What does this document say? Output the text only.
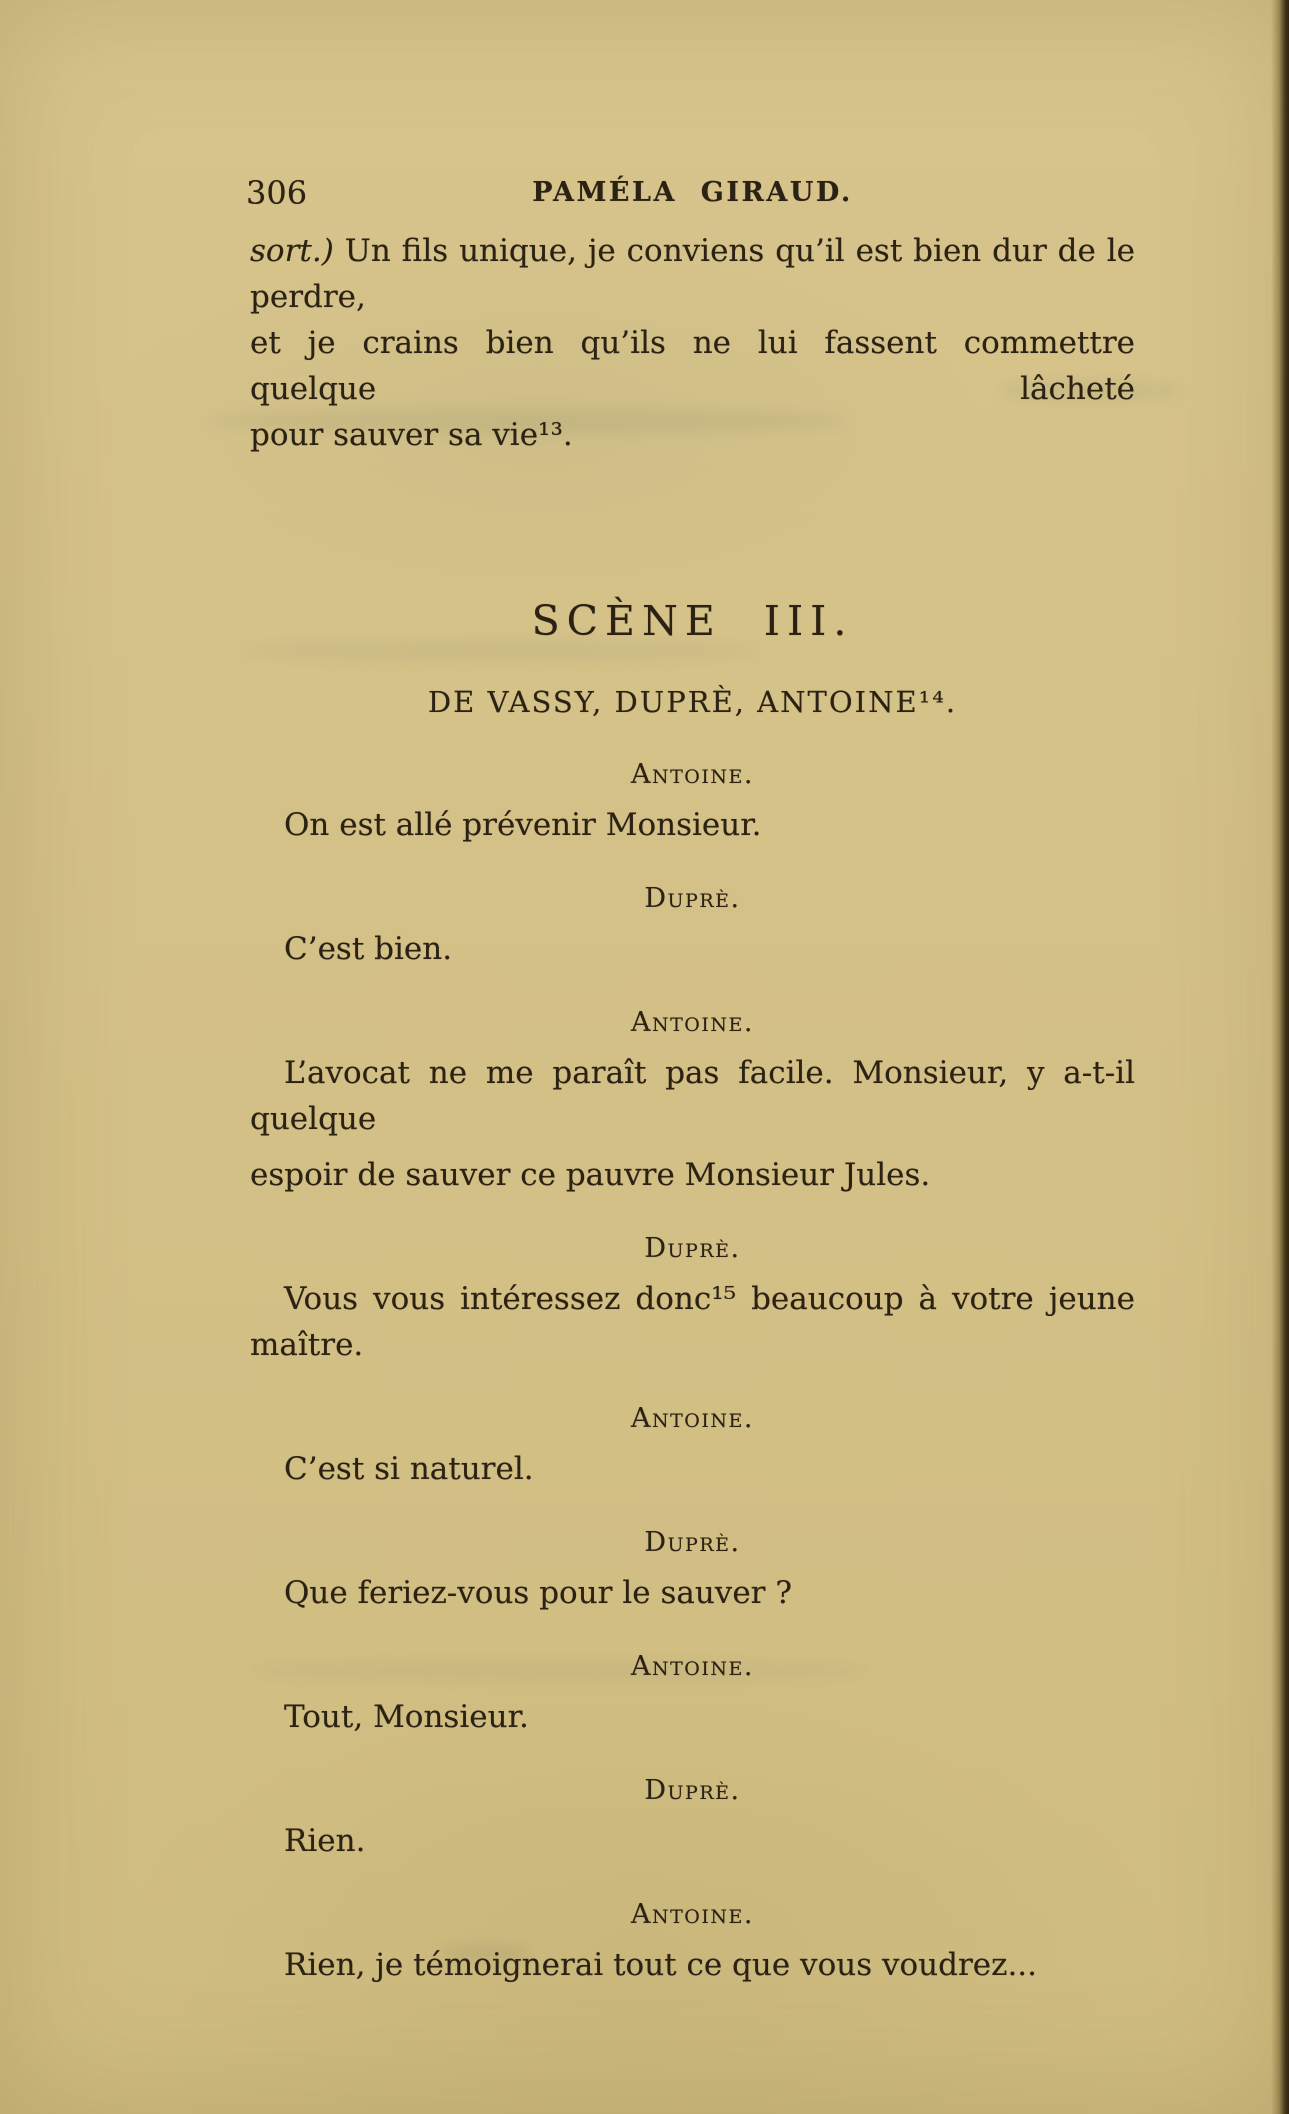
306	PAMÉLA GIRAUD.

sort.) Un fils unique, je conviens qu’il est bien dur de le perdre,

et je crains bien qu’ils ne lui fassent commettre quelque lâcheté

pour sauver sa vie¹³.

SCÈNE III.
DE VASSY, DUPRÈ, ANTOINE¹⁴.
Antoine.

On est allé prévenir Monsieur.

Duprè.

C’est bien.

Antoine.

L’avocat ne me paraît pas facile. Monsieur, y a-t-il quelque

espoir de sauver ce pauvre Monsieur Jules.

Duprè.

Vous vous intéressez donc¹⁵ beaucoup à votre jeune maître.

Antoine.

C’est si naturel.

Duprè.

Que feriez-vous pour le sauver ?

Antoine.

Tout, Monsieur.

Duprè.

Rien.

Antoine.

Rien, je témoignerai tout ce que vous voudrez...
